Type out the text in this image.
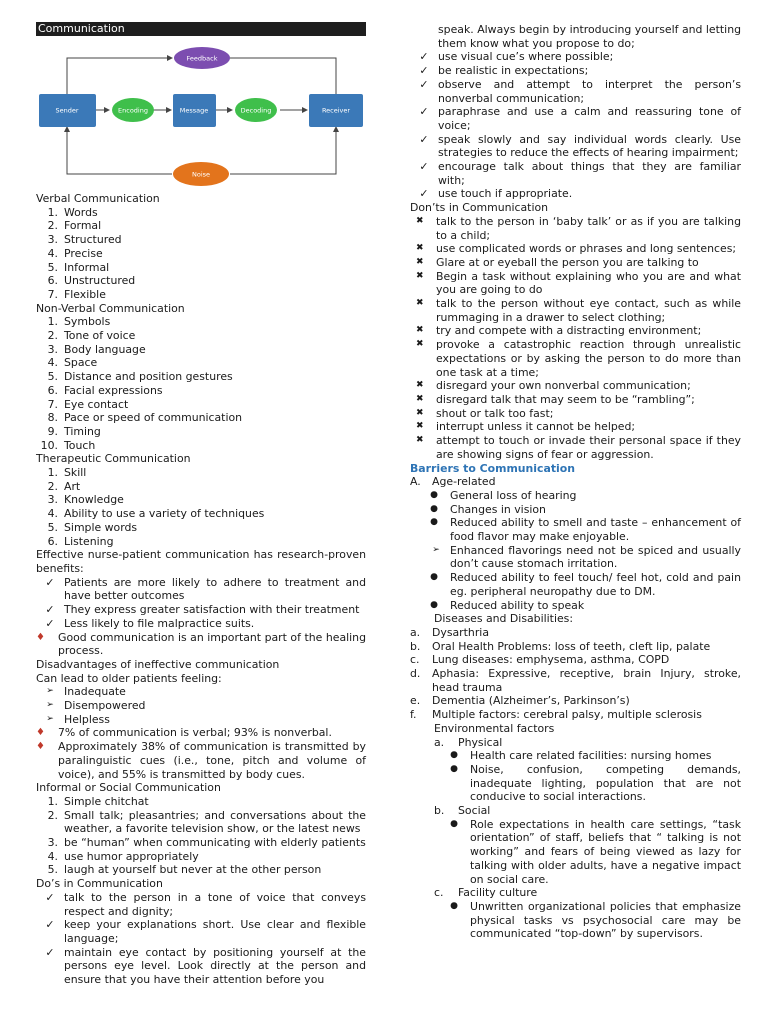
Communication
Feedback
Sender	Encoding	Message	Decoding	Receiver
Noise
Verbal Communication
1. Words
2. Formal
3. Structured
4. Precise
5. Informal
6. Unstructured
7. Flexible
Non-Verbal Communication
1. Symbols
2. Tone of voice
3. Body language
4. Space
5. Distance and position gestures
6. Facial expressions
7. Eye contact
8. Pace or speed of communication
9. Timing
10. Touch
Therapeutic Communication
1. Skill
2. Art
3. Knowledge
4. Ability to use a variety of techniques
5. Simple words
6. Listening
Effective nurse-patient communication has research-proven benefits:
✓ Patients are more likely to adhere to treatment and have better outcomes
✓ They express greater satisfaction with their treatment
✓ Less likely to file malpractice suits.
♦	Good communication is an important part of the healing process.
Disadvantages of ineffective communication
Can lead to older patients feeling:
➢ Inadequate
➢ Disempowered
➢ Helpless
♦	7% of communication is verbal; 93% is nonverbal.
♦	Approximately 38% of communication is transmitted by paralinguistic cues (i.e., tone, pitch and volume of voice), and 55% is transmitted by body cues.
Informal or Social Communication
1. Simple chitchat
2. Small talk; pleasantries; and conversations about the weather, a favorite television show, or the latest news
3. be “human” when communicating with elderly patients
4. use humor appropriately
5. laugh at yourself but never at the other person
Do’s in Communication
✓ talk to the person in a tone of voice that conveys respect and dignity;
✓ keep your explanations short. Use clear and flexible language;
✓ maintain eye contact by positioning yourself at the persons eye level. Look directly at the person and ensure that you have their attention before you
speak. Always begin by introducing yourself and letting them know what you propose to do;
✓ use visual cue’s where possible;
✓ be realistic in expectations;
✓ observe and attempt to interpret the person’s nonverbal communication;
✓ paraphrase and use a calm and reassuring tone of voice;
✓ speak slowly and say individual words clearly. Use strategies to reduce the effects of hearing impairment;
✓ encourage talk about things that they are familiar with;
✓ use touch if appropriate.
Don’ts in Communication
✖	talk to the person in ‘baby talk’ or as if you are talking to a child;
✖	use complicated words or phrases and long sentences;
✖	Glare at or eyeball the person you are talking to
✖	Begin a task without explaining who you are and what you are going to do
✖	talk to the person without eye contact, such as while rummaging in a drawer to select clothing;
✖	try and compete with a distracting environment;
✖	provoke a catastrophic reaction through unrealistic expectations or by asking the person to do more than one task at a time;
✖	disregard your own nonverbal communication;
✖	disregard talk that may seem to be “rambling”;
✖	shout or talk too fast;
✖	interrupt unless it cannot be helped;
✖	attempt to touch or invade their personal space if they are showing signs of fear or aggression.
Barriers to Communication
A.	Age-related
●	General loss of hearing
●	Changes in vision
●	Reduced ability to smell and taste – enhancement of food flavor may make enjoyable.
➢ Enhanced flavorings need not be spiced and usually don’t cause stomach irritation.
●	Reduced ability to feel touch/ feel hot, cold and pain eg. peripheral neuropathy due to DM.
●	Reduced ability to speak
Diseases and Disabilities:
a.	Dysarthria
b.	Oral Health Problems: loss of teeth, cleft lip, palate
c.	Lung diseases: emphysema, asthma, COPD
d.	Aphasia: Expressive, receptive, brain Injury, stroke, head trauma
e.	Dementia (Alzheimer’s, Parkinson’s)
f.	Multiple factors: cerebral palsy, multiple sclerosis
Environmental factors
a.	Physical
●	Health care related facilities: nursing homes
●	Noise, confusion, competing demands, inadequate lighting, population that are not conducive to social interactions.
b.	Social
●	Role expectations in health care settings, “task orientation” of staff, beliefs that “ talking is not working” and fears of being viewed as lazy for talking with older adults, have a negative impact on social care.
c.	Facility culture
●	Unwritten organizational policies that emphasize physical tasks vs psychosocial care may be communicated “top-down” by supervisors.
